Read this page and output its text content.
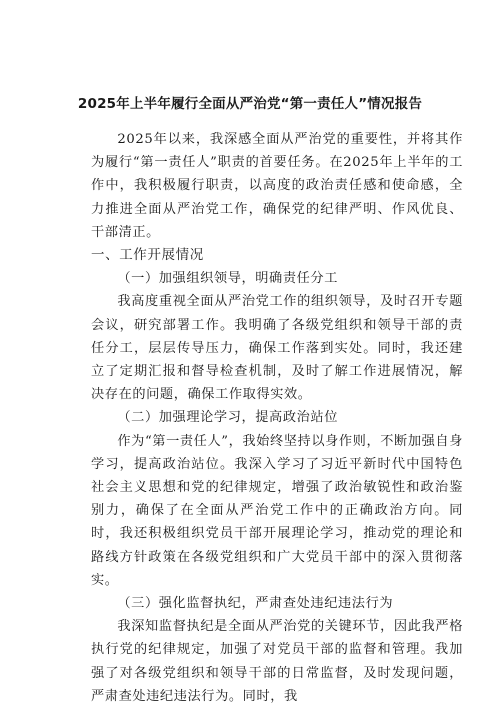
2025年上半年履行全面从严治党“第一责任人”情况报告

2025年以来，我深感全面从严治党的重要性，并将其作为履行“第一责任人”职责的首要任务。在2025年上半年的工作中，我积极履行职责，以高度的政治责任感和使命感，全力推进全面从严治党工作，确保党的纪律严明、作风优良、干部清正。

一、工作开展情况

（一）加强组织领导，明确责任分工

我高度重视全面从严治党工作的组织领导，及时召开专题会议，研究部署工作。我明确了各级党组织和领导干部的责任分工，层层传导压力，确保工作落到实处。同时，我还建立了定期汇报和督导检查机制，及时了解工作进展情况，解决存在的问题，确保工作取得实效。

（二）加强理论学习，提高政治站位

作为“第一责任人”，我始终坚持以身作则，不断加强自身学习，提高政治站位。我深入学习了习近平新时代中国特色社会主义思想和党的纪律规定，增强了政治敏锐性和政治鉴别力，确保了在全面从严治党工作中的正确政治方向。同时，我还积极组织党员干部开展理论学习，推动党的理论和路线方针政策在各级党组织和广大党员干部中的深入贯彻落实。

（三）强化监督执纪，严肃查处违纪违法行为

我深知监督执纪是全面从严治党的关键环节，因此我严格执行党的纪律规定，加强了对党员干部的监督和管理。我加强了对各级党组织和领导干部的日常监督，及时发现问题，严肃查处违纪违法行为。同时，我
